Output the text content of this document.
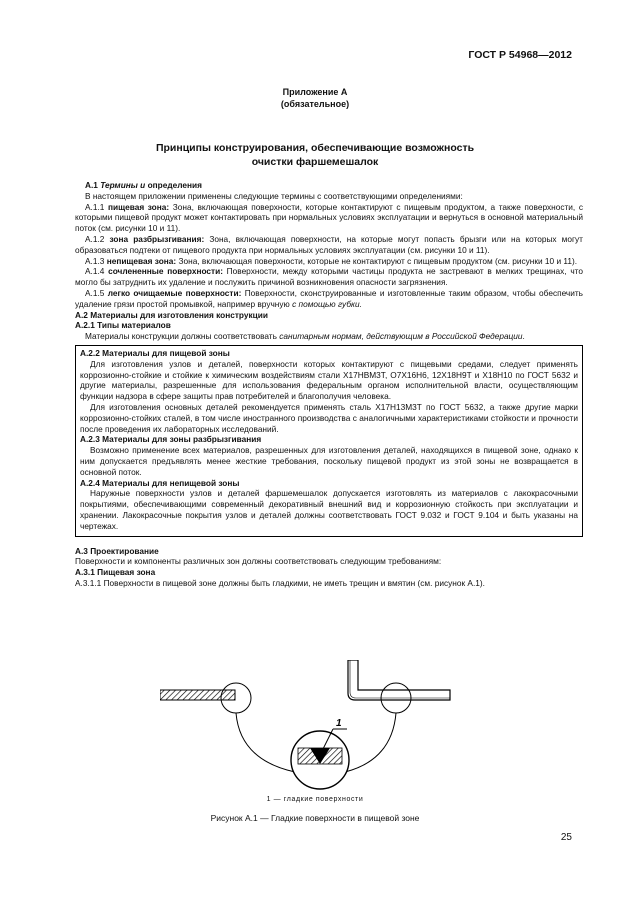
ГОСТ Р 54968—2012
Приложение А
(обязательное)
Принципы конструирования, обеспечивающие возможность
очистки фаршемешалок

А.1 Термины и определения

В настоящем приложении применены следующие термины с соответствующими определениями:

А.1.1 пищевая зона: Зона, включающая поверхности, которые контактируют с пищевым продуктом, а также поверхности, с которыми пищевой продукт может контактировать при нормальных условиях эксплуатации и вернуться в основной материальный поток (см. рисунки 10 и 11).

А.1.2 зона разбрызгивания: Зона, включающая поверхности, на которые могут попасть брызги или на которых могут образоваться подтеки от пищевого продукта при нормальных условиях эксплуатации (см. рисунки 10 и 11).

А.1.3 непищевая зона: Зона, включающая поверхности, которые не контактируют с пищевым продуктом (см. рисунки 10 и 11).

А.1.4 сочлененные поверхности: Поверхности, между которыми частицы продукта не застревают в мелких трещинах, что могло бы затруднить их удаление и послужить причиной возникновения опасности загрязнения.

А.1.5 легко очищаемые поверхности: Поверхности, сконструированные и изготовленные таким образом, чтобы обеспечить удаление грязи простой промывкой, например вручную с помощью губки.

А.2 Материалы для изготовления конструкции

А.2.1 Типы материалов

Материалы конструкции должны соответствовать санитарным нормам, действующим в Российской Федерации.

А.2.2 Материалы для пищевой зоны

Для изготовления узлов и деталей, поверхности которых контактируют с пищевыми средами, следует применять коррозионно-стойкие и стойкие к химическим воздействиям стали Х17НВМ3Т, О7Х16Н6, 12Х18Н9Т и Х18Н10 по ГОСТ 5632 и другие материалы, разрешенные для использования федеральным органом исполнительной власти, осуществляющим функции надзора в сфере защиты прав потребителей и благополучия человека.

Для изготовления основных деталей рекомендуется применять сталь Х17Н13М3Т по ГОСТ 5632, а также другие марки коррозионно-стойких сталей, в том числе иностранного производства с аналогичными характеристиками стойкости и прочности после проведения их лабораторных исследований.

А.2.3 Материалы для зоны разбрызгивания

Возможно применение всех материалов, разрешенных для изготовления деталей, находящихся в пищевой зоне, однако к ним допускается предъявлять менее жесткие требования, поскольку пищевой продукт из этой зоны не возвращается в основной поток.

А.2.4 Материалы для непищевой зоны

Наружные поверхности узлов и деталей фаршемешалок допускается изготовлять из материалов с лакокрасочными покрытиями, обеспечивающими современный декоративный внешний вид и коррозионную стойкость при эксплуатации и хранении. Лакокрасочные покрытия узлов и деталей должны соответствовать ГОСТ 9.032 и ГОСТ 9.104 и быть указаны на чертежах.

А.3 Проектирование

Поверхности и компоненты различных зон должны соответствовать следующим требованиям:

А.3.1 Пищевая зона

А.3.1.1 Поверхности в пищевой зоне должны быть гладкими, не иметь трещин и вмятин (см. рисунок А.1).

1
1 — гладкие поверхности
Рисунок А.1 — Гладкие поверхности в пищевой зоне
25
